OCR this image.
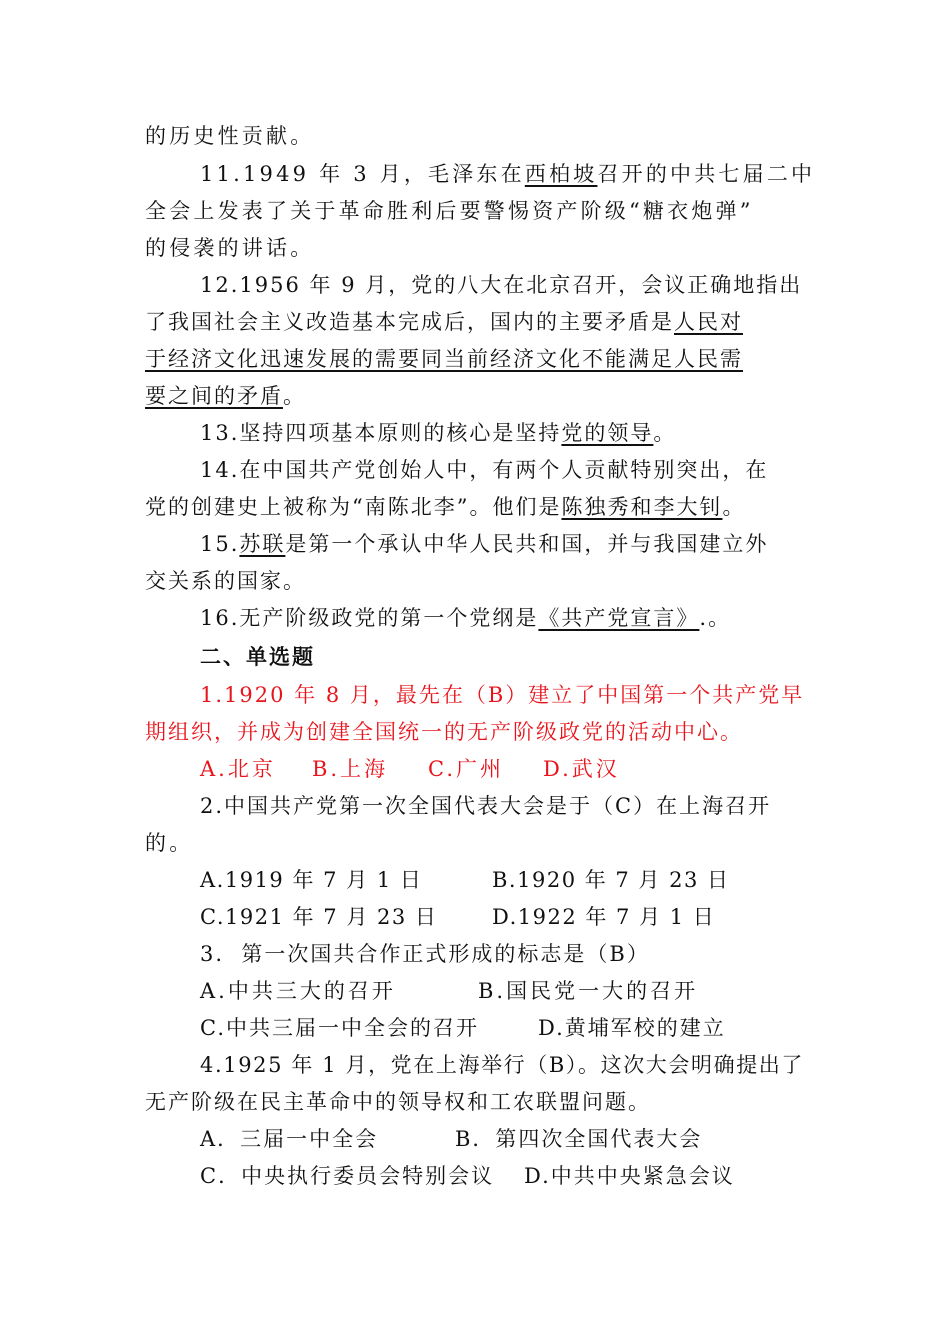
的历史性贡献。
11.1949 年 3 月，毛泽东在西柏坡召开的中共七届二中
全会上发表了关于革命胜利后要警惕资产阶级“糖衣炮弹”
的侵袭的讲话。
12.1956 年 9 月，党的八大在北京召开，会议正确地指出
了我国社会主义改造基本完成后，国内的主要矛盾是人民对
于经济文化迅速发展的需要同当前经济文化不能满足人民需
要之间的矛盾。
13.坚持四项基本原则的核心是坚持党的领导。
14.在中国共产党创始人中，有两个人贡献特别突出，在
党的创建史上被称为“南陈北李”。他们是陈独秀和李大钊。
15.苏联是第一个承认中华人民共和国，并与我国建立外
交关系的国家。
16.无产阶级政党的第一个党纲是《共产党宣言》.。
二、单选题
1.1920 年 8 月，最先在（B）建立了中国第一个共产党早
期组织，并成为创建全国统一的无产阶级政党的活动中心。
A.北京 B.上海 C.广州 D.武汉
2.中国共产党第一次全国代表大会是于（C）在上海召开
的。
A.1919 年 7 月 1 日	B.1920 年 7 月 23 日
C.1921 年 7 月 23 日	D.1922 年 7 月 1 日
3.  第一次国共合作正式形成的标志是（B）
A.中共三大的召开	B.国民党一大的召开
C.中共三届一中全会的召开	D.黄埔军校的建立
4.1925 年 1 月，党在上海举行（B）。这次大会明确提出了
无产阶级在民主革命中的领导权和工农联盟问题。
A．三届一中全会	B．第四次全国代表大会
C．中央执行委员会特别会议 D.中共中央紧急会议
